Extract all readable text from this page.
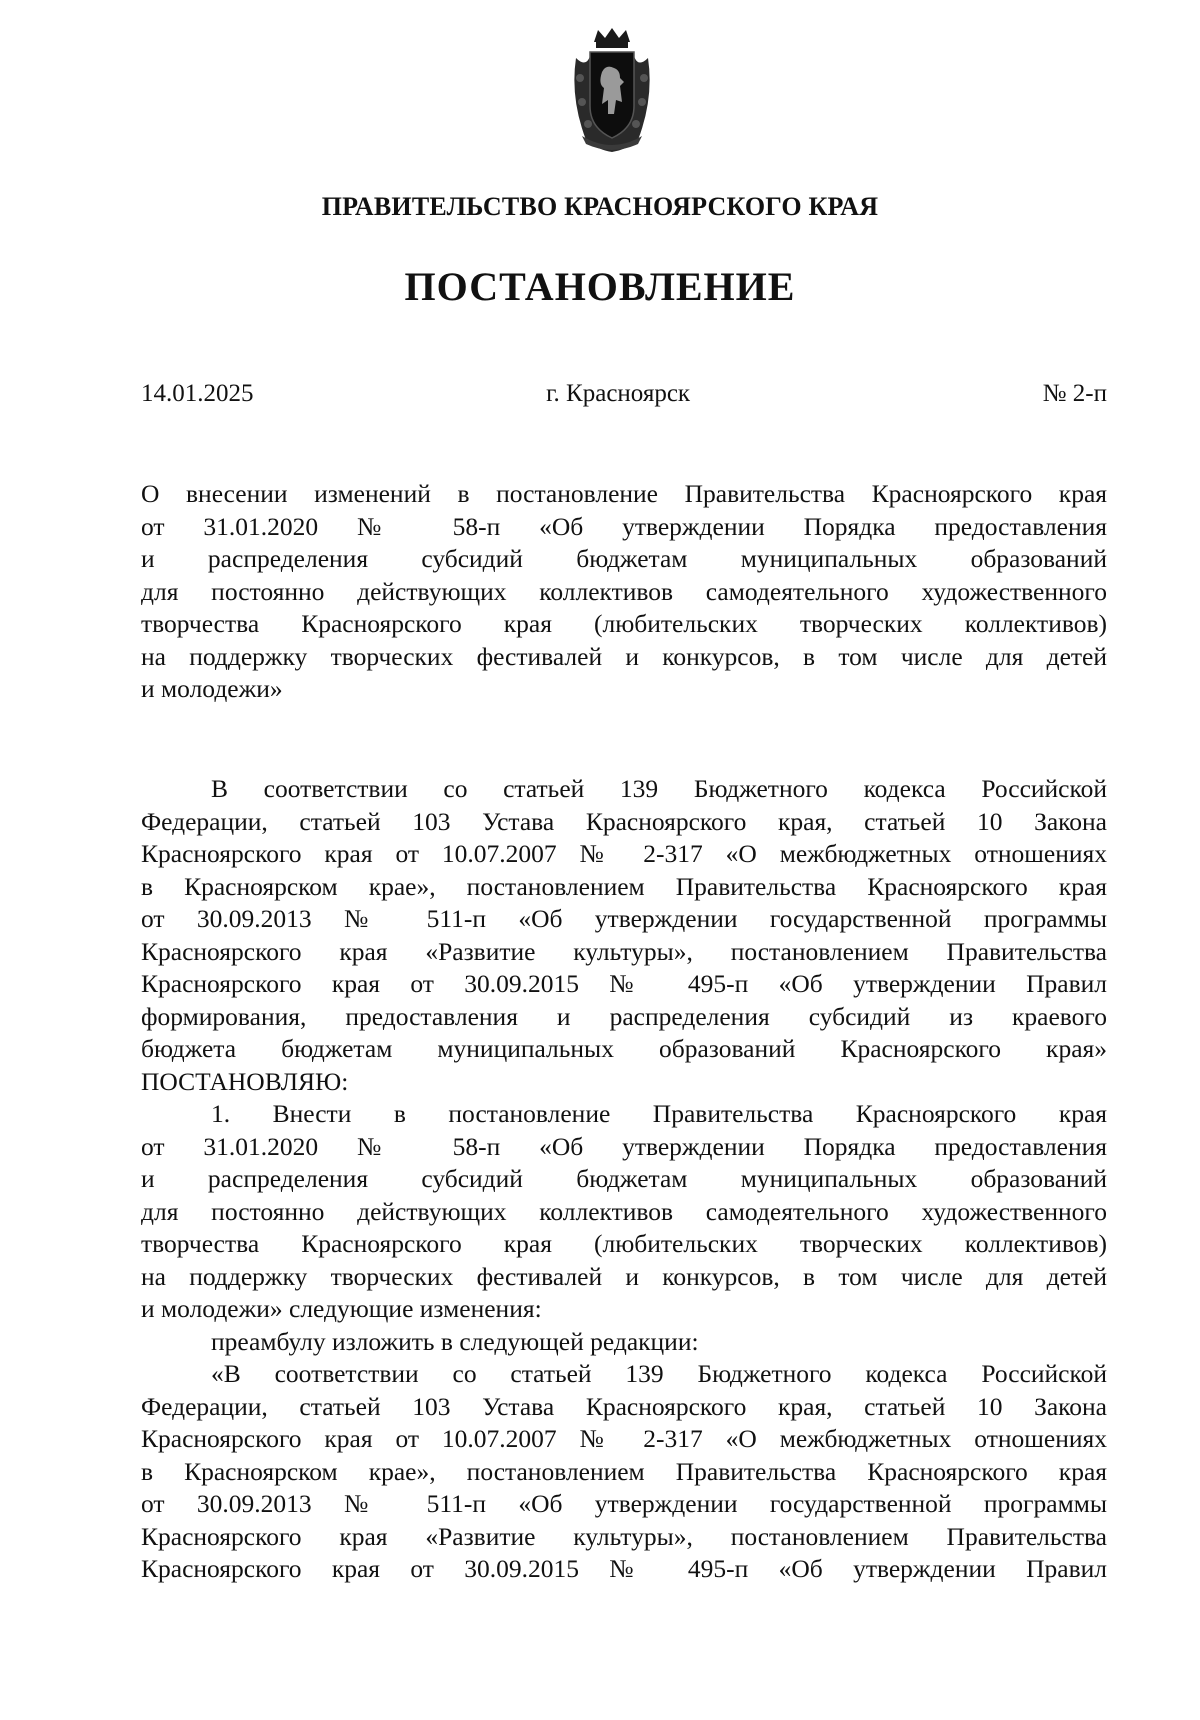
ПРАВИТЕЛЬСТВО КРАСНОЯРСКОГО КРАЯ
ПОСТАНОВЛЕНИЕ
14.01.2025	г. Красноярск	№ 2-п
О внесении изменений в постановление Правительства Красноярского края
от 31.01.2020 № 58-п «Об утверждении Порядка предоставления
и распределения субсидий бюджетам муниципальных образований
для постоянно действующих коллективов самодеятельного художественного
творчества Красноярского края (любительских творческих коллективов)
на поддержку творческих фестивалей и конкурсов, в том числе для детей
и молодежи»
В соответствии со статьей 139 Бюджетного кодекса Российской
Федерации, статьей 103 Устава Красноярского края, статьей 10 Закона
Красноярского края от 10.07.2007 № 2-317 «О межбюджетных отношениях
в Красноярском крае», постановлением Правительства Красноярского края
от 30.09.2013 № 511-п «Об утверждении государственной программы
Красноярского края «Развитие культуры», постановлением Правительства
Красноярского края от 30.09.2015 № 495-п «Об утверждении Правил
формирования, предоставления и распределения субсидий из краевого
бюджета бюджетам муниципальных образований Красноярского края»
ПОСТАНОВЛЯЮ:
1. Внести в постановление Правительства Красноярского края
от 31.01.2020 № 58-п «Об утверждении Порядка предоставления
и распределения субсидий бюджетам муниципальных образований
для постоянно действующих коллективов самодеятельного художественного
творчества Красноярского края (любительских творческих коллективов)
на поддержку творческих фестивалей и конкурсов, в том числе для детей
и молодежи» следующие изменения:
преамбулу изложить в следующей редакции:
«В соответствии со статьей 139 Бюджетного кодекса Российской
Федерации, статьей 103 Устава Красноярского края, статьей 10 Закона
Красноярского края от 10.07.2007 № 2-317 «О межбюджетных отношениях
в Красноярском крае», постановлением Правительства Красноярского края
от 30.09.2013 № 511-п «Об утверждении государственной программы
Красноярского края «Развитие культуры», постановлением Правительства
Красноярского края от 30.09.2015 № 495-п «Об утверждении Правил
